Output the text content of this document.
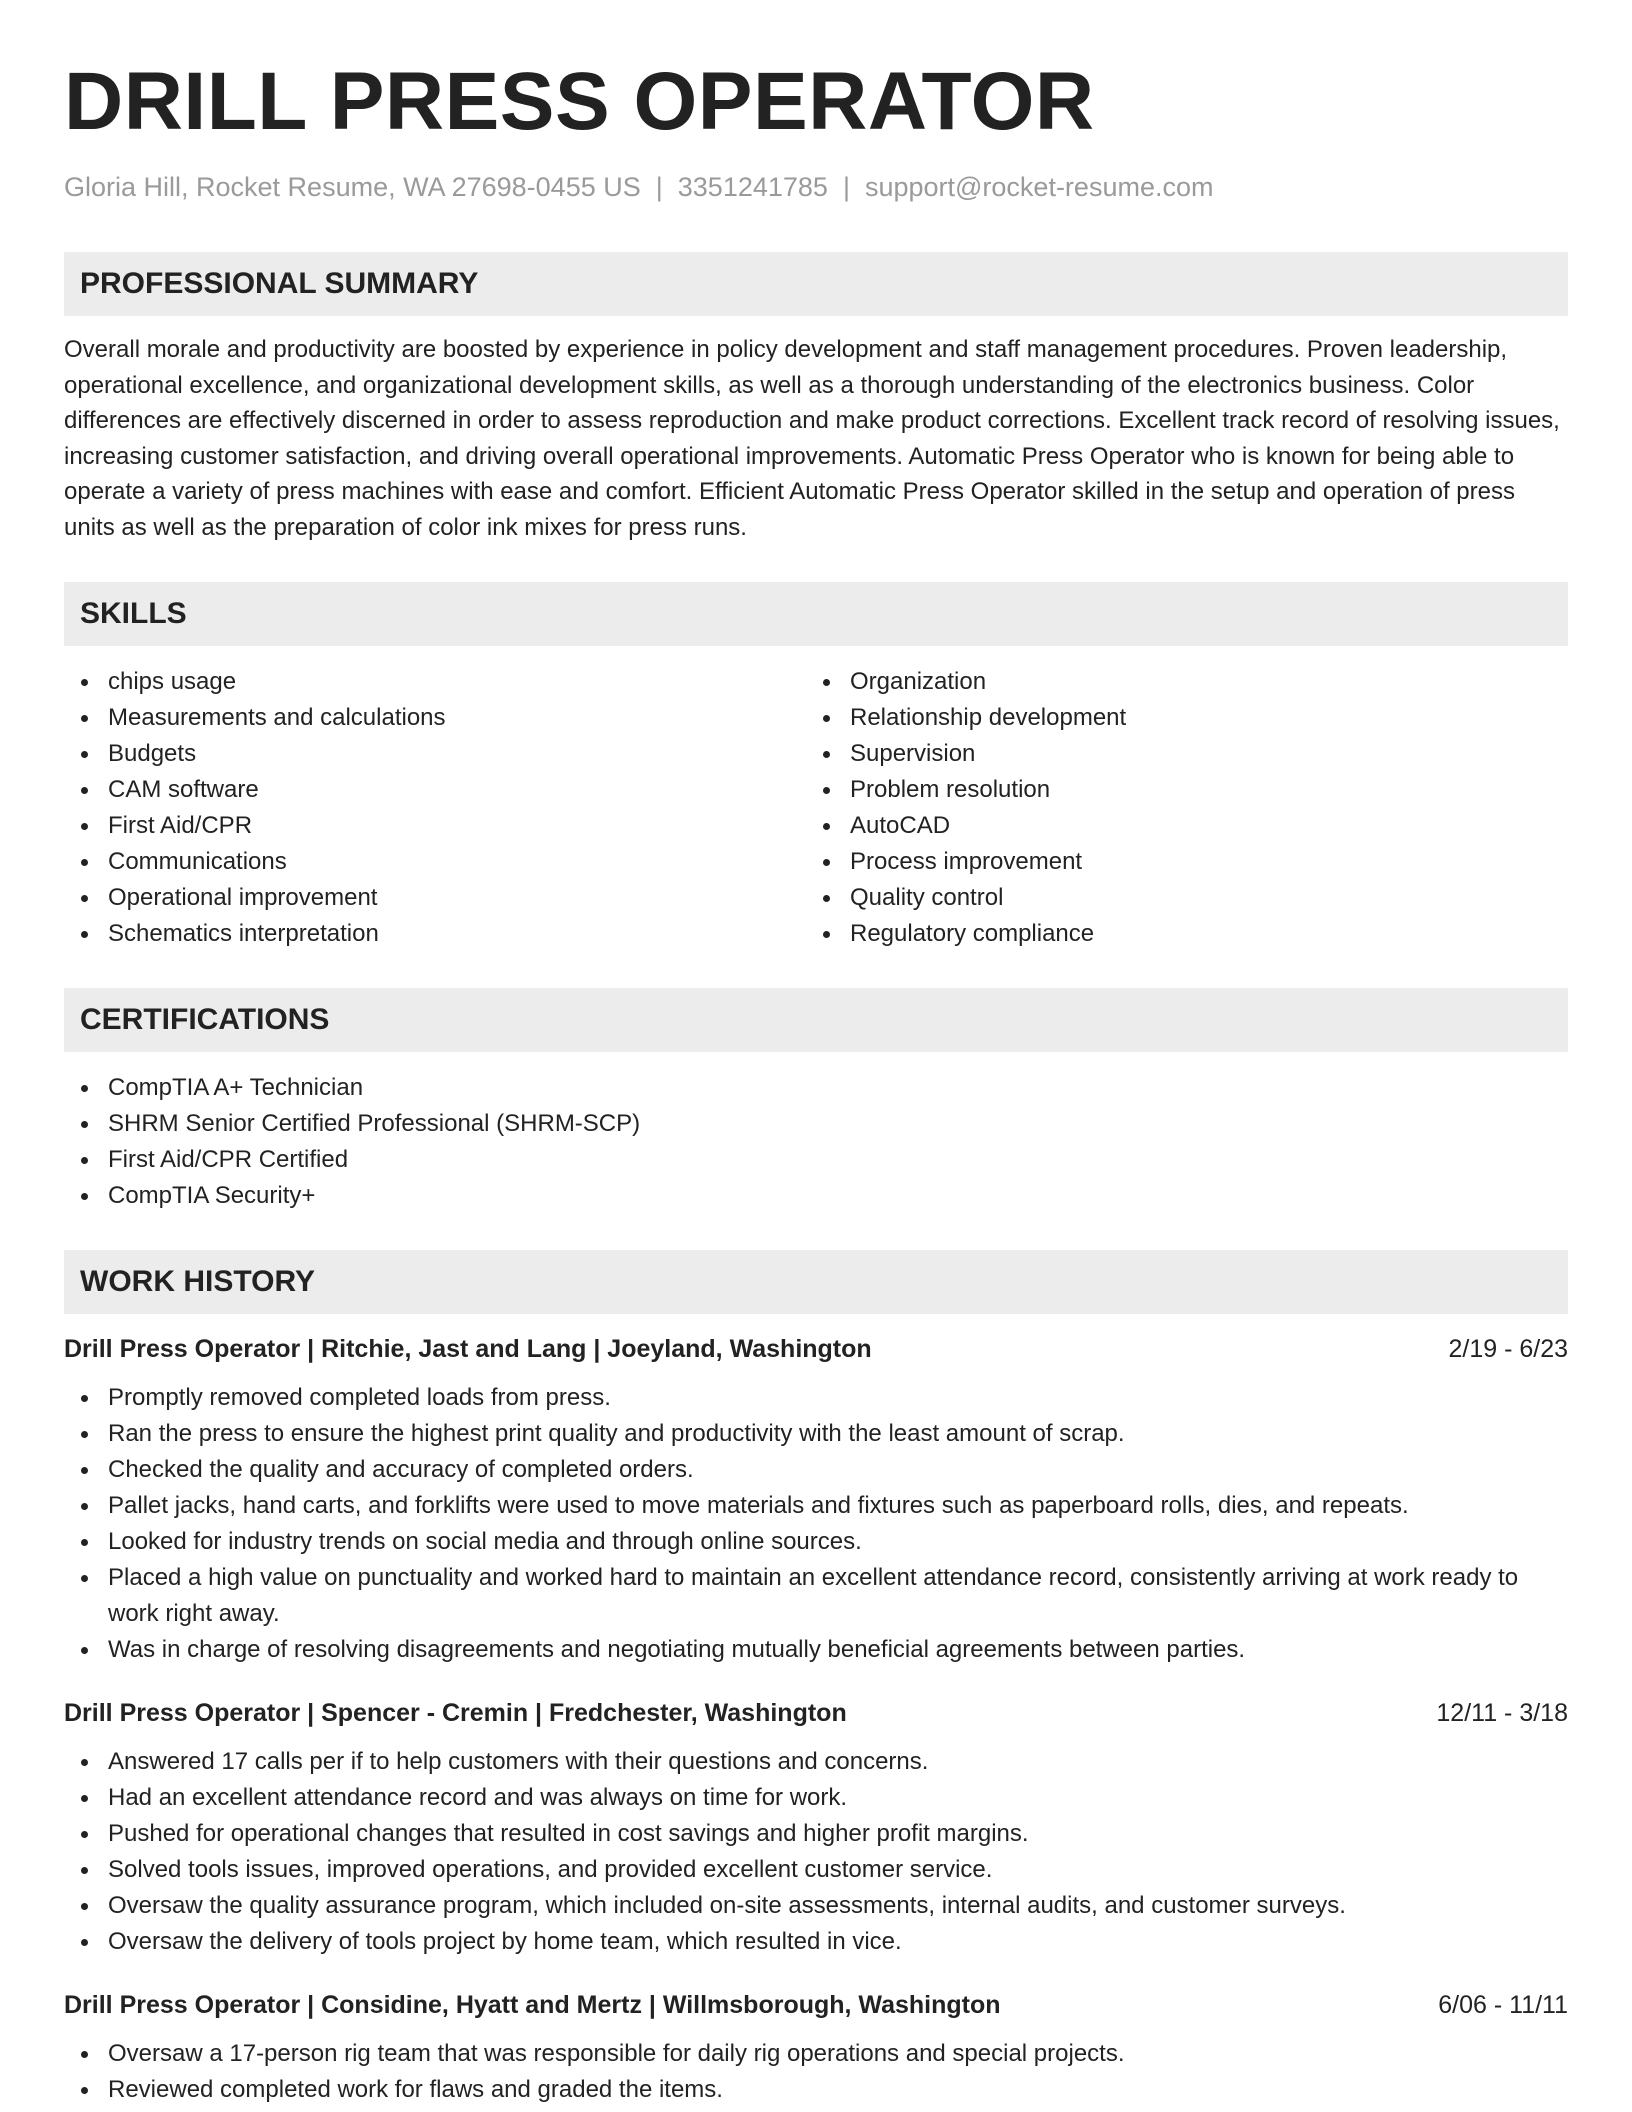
DRILL PRESS OPERATOR
Gloria Hill, Rocket Resume, WA 27698-0455 US | 3351241785 | support@rocket-resume.com
PROFESSIONAL SUMMARY

Overall morale and productivity are boosted by experience in policy development and staff management procedures. Proven leadership, operational excellence, and organizational development skills, as well as a thorough understanding of the electronics business. Color differences are effectively discerned in order to assess reproduction and make product corrections. Excellent track record of resolving issues, increasing customer satisfaction, and driving overall operational improvements. Automatic Press Operator who is known for being able to operate a variety of press machines with ease and comfort. Efficient Automatic Press Operator skilled in the setup and operation of press units as well as the preparation of color ink mixes for press runs.

SKILLS
chips usage
Measurements and calculations
Budgets
CAM software
First Aid/CPR
Communications
Operational improvement
Schematics interpretation
Organization
Relationship development
Supervision
Problem resolution
AutoCAD
Process improvement
Quality control
Regulatory compliance
CERTIFICATIONS
CompTIA A+ Technician
SHRM Senior Certified Professional (SHRM-SCP)
First Aid/CPR Certified
CompTIA Security+
WORK HISTORY
Drill Press Operator | Ritchie, Jast and Lang | Joeyland, Washington	2/19 - 6/23
Promptly removed completed loads from press.
Ran the press to ensure the highest print quality and productivity with the least amount of scrap.
Checked the quality and accuracy of completed orders.
Pallet jacks, hand carts, and forklifts were used to move materials and fixtures such as paperboard rolls, dies, and repeats.
Looked for industry trends on social media and through online sources.
Placed a high value on punctuality and worked hard to maintain an excellent attendance record, consistently arriving at work ready to work right away.
Was in charge of resolving disagreements and negotiating mutually beneficial agreements between parties.
Drill Press Operator | Spencer - Cremin | Fredchester, Washington	12/11 - 3/18
Answered 17 calls per if to help customers with their questions and concerns.
Had an excellent attendance record and was always on time for work.
Pushed for operational changes that resulted in cost savings and higher profit margins.
Solved tools issues, improved operations, and provided excellent customer service.
Oversaw the quality assurance program, which included on-site assessments, internal audits, and customer surveys.
Oversaw the delivery of tools project by home team, which resulted in vice.
Drill Press Operator | Considine, Hyatt and Mertz | Willmsborough, Washington	6/06 - 11/11
Oversaw a 17-person rig team that was responsible for daily rig operations and special projects.
Reviewed completed work for flaws and graded the items.
